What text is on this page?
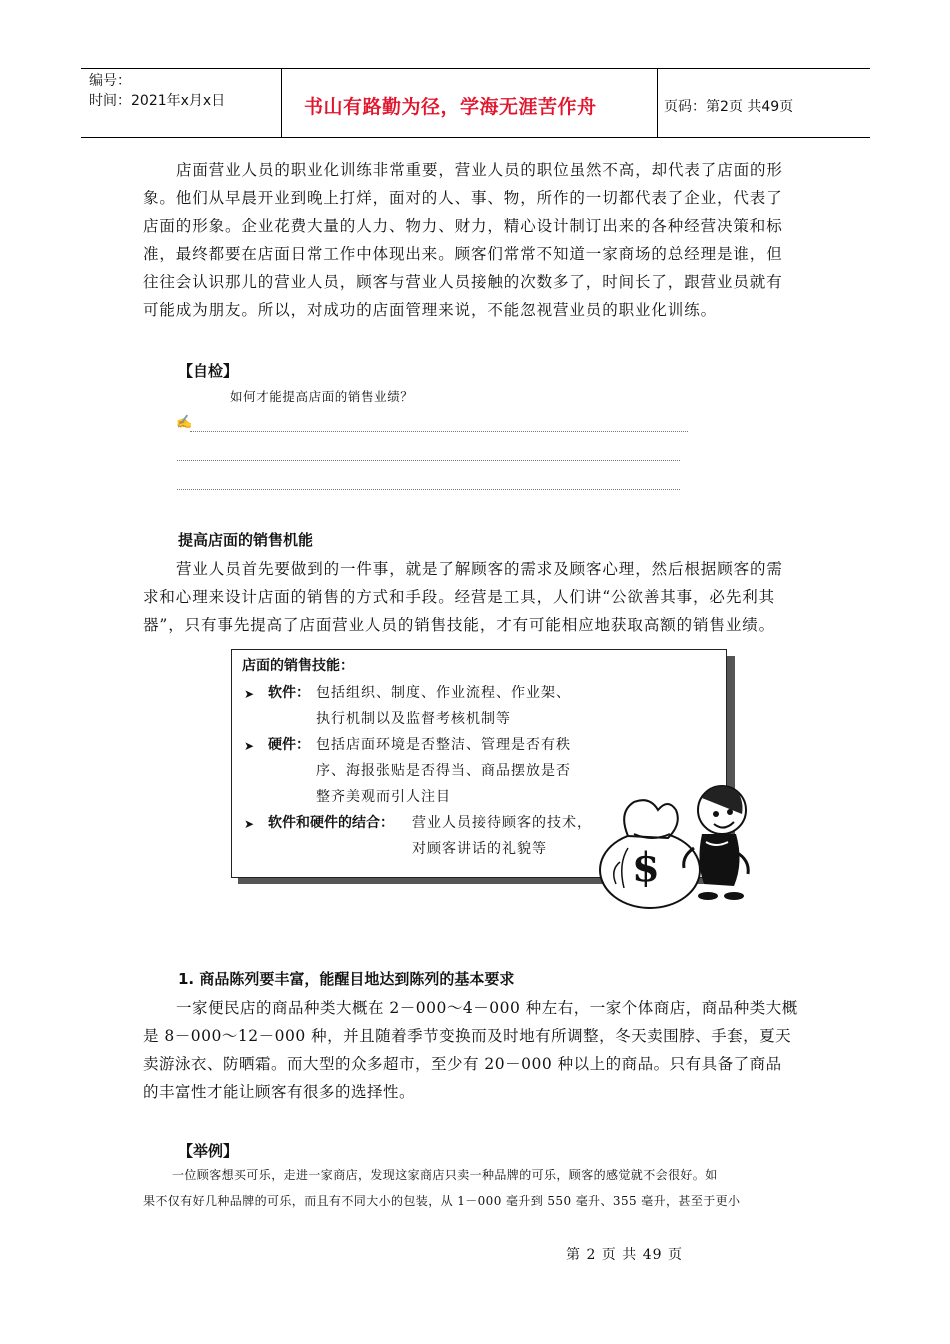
编号：
时间：2021年x月x日	书山有路勤为径，学海无涯苦作舟	页码：第2页 共49页

店面营业人员的职业化训练非常重要，营业人员的职位虽然不高，却代表了店面的形

象。他们从早晨开业到晚上打烊，面对的人、事、物，所作的一切都代表了企业，代表了

店面的形象。企业花费大量的人力、物力、财力，精心设计制订出来的各种经营决策和标

准，最终都要在店面日常工作中体现出来。顾客们常常不知道一家商场的总经理是谁，但

往往会认识那儿的营业人员，顾客与营业人员接触的次数多了，时间长了，跟营业员就有

可能成为朋友。所以，对成功的店面管理来说，不能忽视营业员的职业化训练。

【自检】
如何才能提高店面的销售业绩？
✍
提高店面的销售机能

营业人员首先要做到的一件事，就是了解顾客的需求及顾客心理，然后根据顾客的需

求和心理来设计店面的销售的方式和手段。经营是工具，人们讲“公欲善其事，必先利其

器”，只有事先提高了店面营业人员的销售技能，才有可能相应地获取高额的销售业绩。

店面的销售技能：
➤ 软件： 包括组织、制度、作业流程、作业架、
执行机制以及监督考核机制等
➤ 硬件： 包括店面环境是否整洁、管理是否有秩
序、海报张贴是否得当、商品摆放是否
整齐美观而引人注目
➤ 软件和硬件的结合： 营业人员接待顾客的技术，
对顾客讲话的礼貌等 $
1. 商品陈列要丰富，能醒目地达到陈列的基本要求

一家便民店的商品种类大概在 2－000～4－000 种左右，一家个体商店，商品种类大概

是 8－000～12－000 种，并且随着季节变换而及时地有所调整，冬天卖围脖、手套，夏天

卖游泳衣、防晒霜。而大型的众多超市，至少有 20－000 种以上的商品。只有具备了商品

的丰富性才能让顾客有很多的选择性。

【举例】
一位顾客想买可乐，走进一家商店，发现这家商店只卖一种品牌的可乐，顾客的感觉就不会很好。如
果不仅有好几种品牌的可乐，而且有不同大小的包装，从 1－000 毫升到 550 毫升、355 毫升，甚至于更小
第 2 页 共 49 页
